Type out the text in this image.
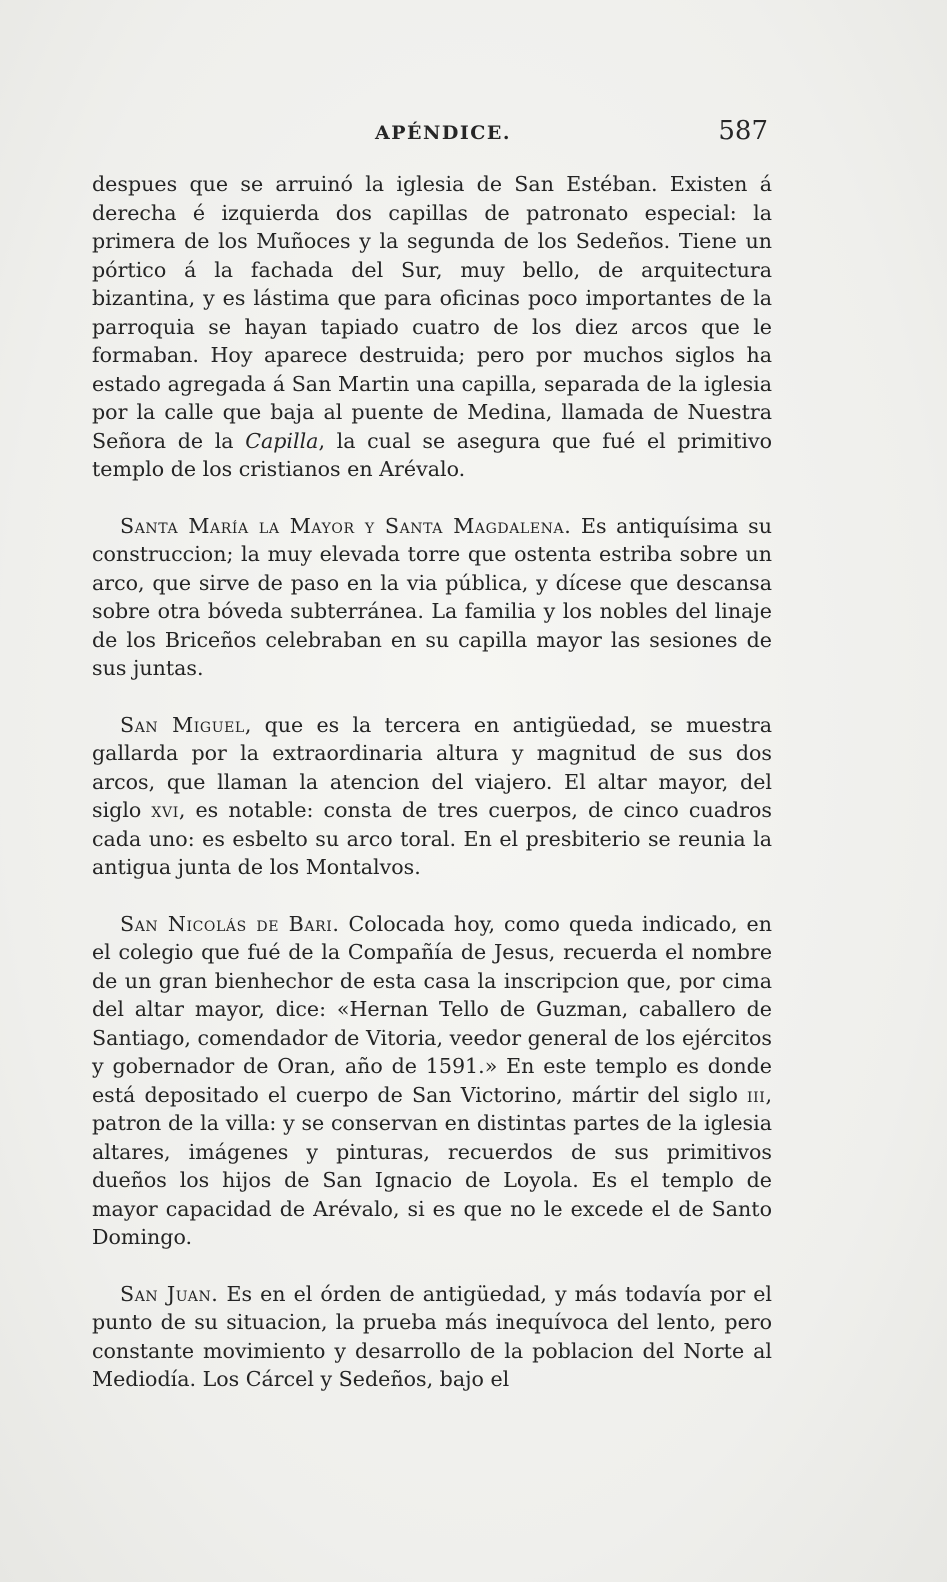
APÉNDICE.	587

despues que se arruinó la iglesia de San Estéban. Existen á derecha é izquierda dos capillas de patronato especial: la primera de los Muñoces y la segunda de los Sedeños. Tiene un pórtico á la fachada del Sur, muy bello, de arquitectura bizantina, y es lástima que para oficinas poco importantes de la parroquia se hayan tapiado cuatro de los diez arcos que le formaban. Hoy aparece destruida; pero por muchos siglos ha estado agregada á San Martin una capilla, separada de la iglesia por la calle que baja al puente de Medina, llamada de Nuestra Señora de la Capilla, la cual se asegura que fué el primitivo templo de los cristianos en Arévalo.

Santa María la Mayor y Santa Magdalena. Es antiquísima su construccion; la muy elevada torre que ostenta estriba sobre un arco, que sirve de paso en la via pública, y dícese que descansa sobre otra bóveda subterránea. La familia y los nobles del linaje de los Briceños celebraban en su capilla mayor las sesiones de sus juntas.

San Miguel, que es la tercera en antigüedad, se muestra gallarda por la extraordinaria altura y magnitud de sus dos arcos, que llaman la atencion del viajero. El altar mayor, del siglo xvi, es notable: consta de tres cuerpos, de cinco cuadros cada uno: es esbelto su arco toral. En el presbiterio se reunia la antigua junta de los Montalvos.

San Nicolás de Bari. Colocada hoy, como queda indicado, en el colegio que fué de la Compañía de Jesus, recuerda el nombre de un gran bienhechor de esta casa la inscripcion que, por cima del altar mayor, dice: «Hernan Tello de Guzman, caballero de Santiago, comendador de Vitoria, veedor general de los ejércitos y gobernador de Oran, año de 1591.» En este templo es donde está depositado el cuerpo de San Victorino, mártir del siglo iii, patron de la villa: y se conservan en distintas partes de la iglesia altares, imágenes y pinturas, recuerdos de sus primitivos dueños los hijos de San Ignacio de Loyola. Es el templo de mayor capacidad de Arévalo, si es que no le excede el de Santo Domingo.

San Juan. Es en el órden de antigüedad, y más todavía por el punto de su situacion, la prueba más inequívoca del lento, pero constante movimiento y desarrollo de la poblacion del Norte al Mediodía. Los Cárcel y Sedeños, bajo el
